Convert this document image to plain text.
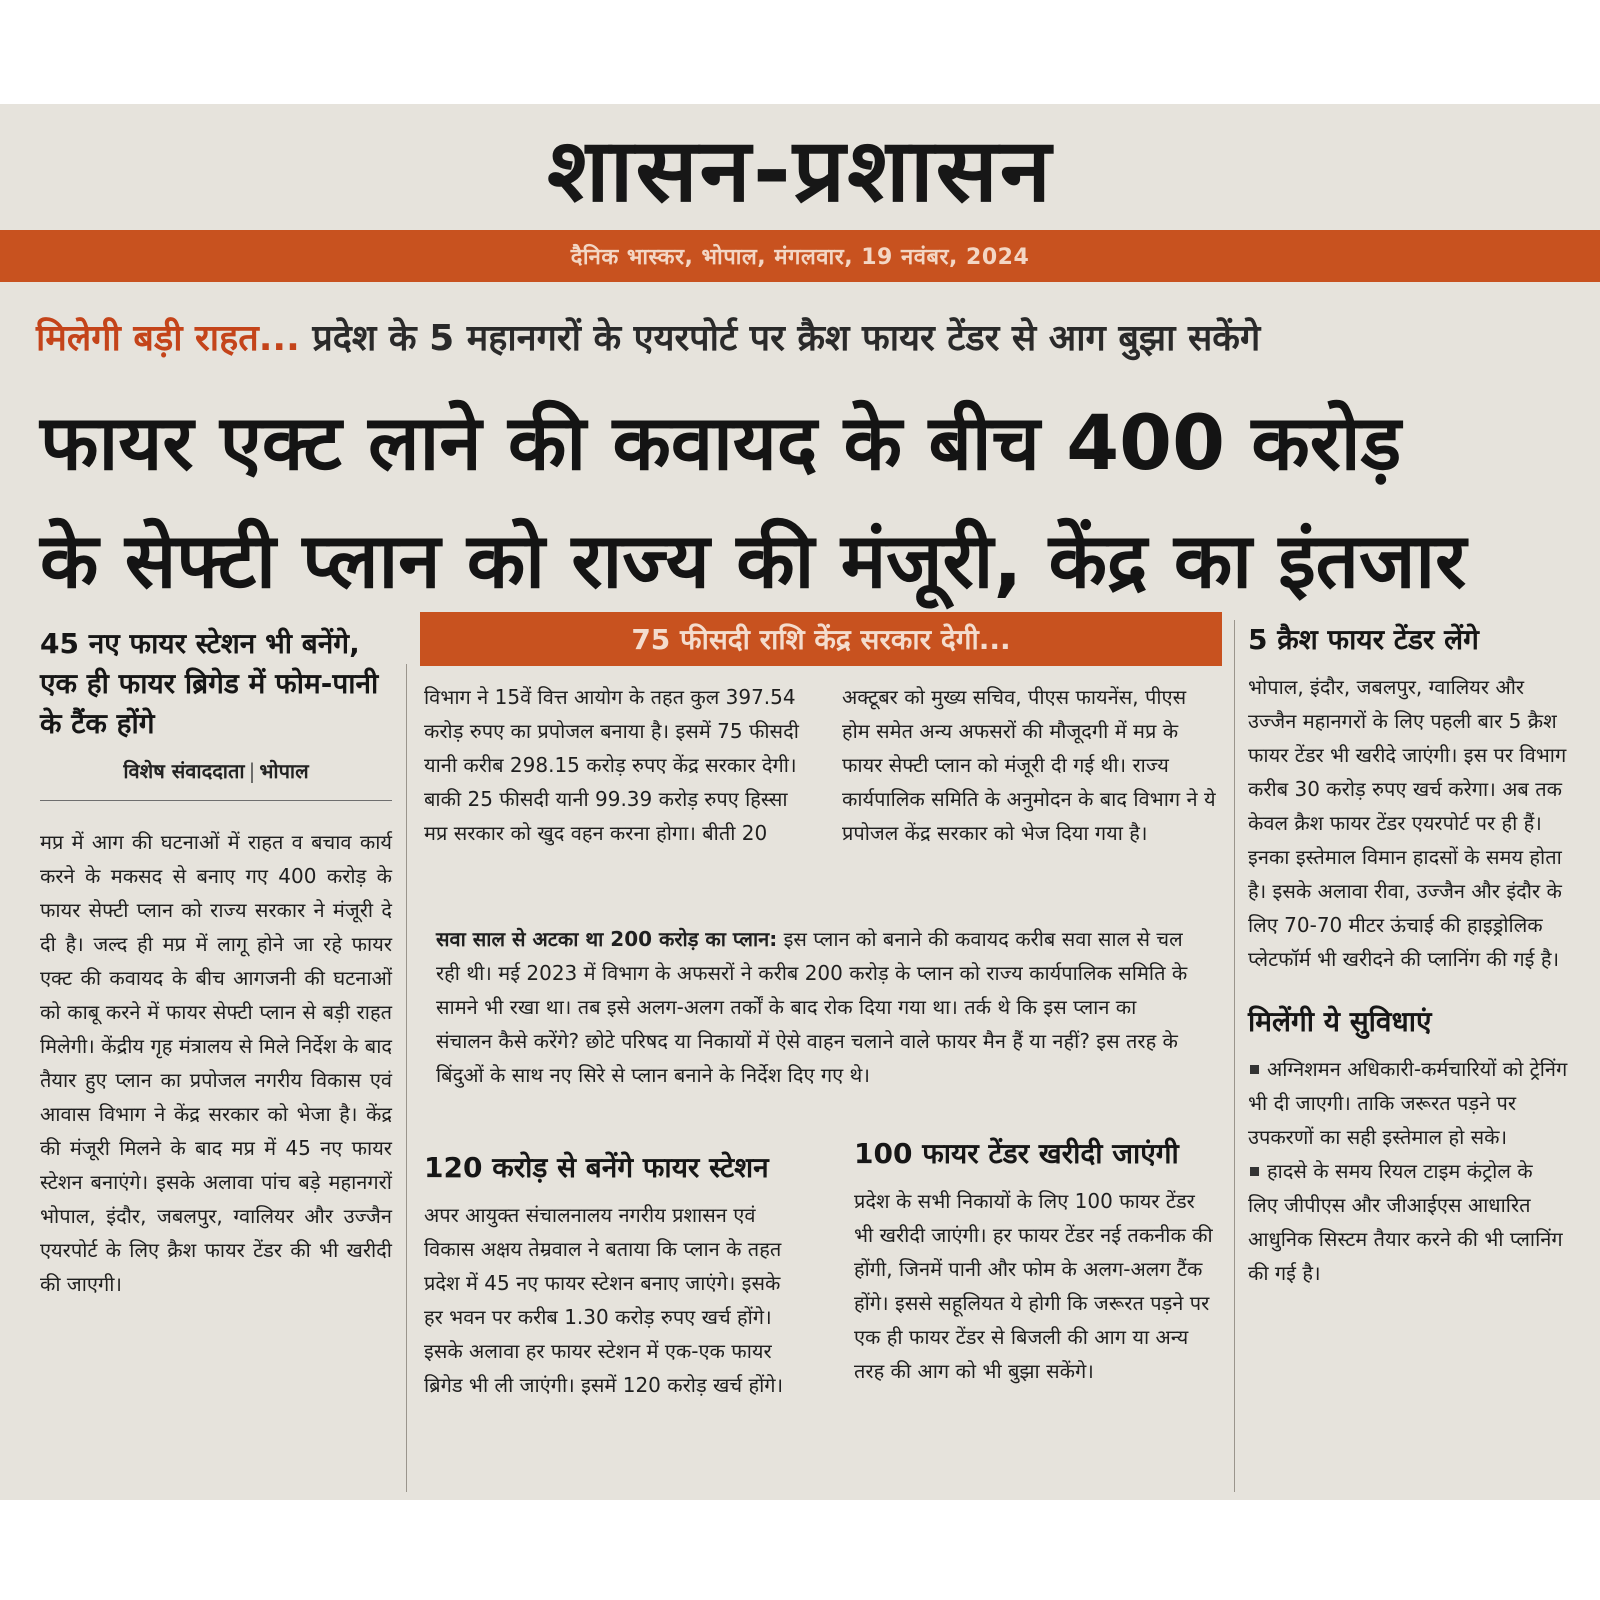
शासन-प्रशासन
दैनिक भास्कर, भोपाल, मंगलवार, 19 नवंबर, 2024
मिलेगी बड़ी राहत... प्रदेश के 5 महानगरों के एयरपोर्ट पर क्रैश फायर टेंडर से आग बुझा सकेंगे
फायर एक्ट लाने की कवायद के बीच 400 करोड़
के सेफ्टी प्लान को राज्य की मंजूरी, केंद्र का इंतजार
45 नए फायर स्टेशन भी बनेंगे, एक ही फायर ब्रिगेड में फोम-पानी के टैंक होंगे
विशेष संवाददाता | भोपाल

मप्र में आग की घटनाओं में राहत व बचाव कार्य करने के मकसद से बनाए गए 400 करोड़ के फायर सेफ्टी प्लान को राज्य सरकार ने मंजूरी दे दी है। जल्द ही मप्र में लागू होने जा रहे फायर एक्ट की कवायद के बीच आगजनी की घटनाओं को काबू करने में फायर सेफ्टी प्लान से बड़ी राहत मिलेगी। केंद्रीय गृह मंत्रालय से मिले निर्देश के बाद तैयार हुए प्लान का प्रपोजल नगरीय विकास एवं आवास विभाग ने केंद्र सरकार को भेजा है। केंद्र की मंजूरी मिलने के बाद मप्र में 45 नए फायर स्टेशन बनाएंगे। इसके अलावा पांच बड़े महानगरों भोपाल, इंदौर, जबलपुर, ग्वालियर और उज्जैन एयरपोर्ट के लिए क्रैश फायर टेंडर की भी खरीदी की जाएगी।

75 फीसदी राशि केंद्र सरकार देगी...

विभाग ने 15वें वित्त आयोग के तहत कुल 397.54 करोड़ रुपए का प्रपोजल बनाया है। इसमें 75 फीसदी यानी करीब 298.15 करोड़ रुपए केंद्र सरकार देगी। बाकी 25 फीसदी यानी 99.39 करोड़ रुपए हिस्सा मप्र सरकार को खुद वहन करना होगा। बीती 20

अक्टूबर को मुख्य सचिव, पीएस फायनेंस, पीएस होम समेत अन्य अफसरों की मौजूदगी में मप्र के फायर सेफ्टी प्लान को मंजूरी दी गई थी। राज्य कार्यपालिक समिति के अनुमोदन के बाद विभाग ने ये प्रपोजल केंद्र सरकार को भेज दिया गया है।

सवा साल से अटका था 200 करोड़ का प्लान: इस प्लान को बनाने की कवायद करीब सवा साल से चल रही थी। मई 2023 में विभाग के अफसरों ने करीब 200 करोड़ के प्लान को राज्य कार्यपालिक समिति के सामने भी रखा था। तब इसे अलग-अलग तर्कों के बाद रोक दिया गया था। तर्क थे कि इस प्लान का संचालन कैसे करेंगे? छोटे परिषद या निकायों में ऐसे वाहन चलाने वाले फायर मैन हैं या नहीं? इस तरह के बिंदुओं के साथ नए सिरे से प्लान बनाने के निर्देश दिए गए थे।

120 करोड़ से बनेंगे फायर स्टेशन

अपर आयुक्त संचालनालय नगरीय प्रशासन एवं विकास अक्षय तेम्रवाल ने बताया कि प्लान के तहत प्रदेश में 45 नए फायर स्टेशन बनाए जाएंगे। इसके हर भवन पर करीब 1.30 करोड़ रुपए खर्च होंगे। इसके अलावा हर फायर स्टेशन में एक-एक फायर ब्रिगेड भी ली जाएंगी। इसमें 120 करोड़ खर्च होंगे।

100 फायर टेंडर खरीदी जाएंगी

प्रदेश के सभी निकायों के लिए 100 फायर टेंडर भी खरीदी जाएंगी। हर फायर टेंडर नई तकनीक की होंगी, जिनमें पानी और फोम के अलग-अलग टैंक होंगे। इससे सहूलियत ये होगी कि जरूरत पड़ने पर एक ही फायर टेंडर से बिजली की आग या अन्य तरह की आग को भी बुझा सकेंगे।

5 क्रैश फायर टेंडर लेंगे

भोपाल, इंदौर, जबलपुर, ग्वालियर और उज्जैन महानगरों के लिए पहली बार 5 क्रैश फायर टेंडर भी खरीदे जाएंगी। इस पर विभाग करीब 30 करोड़ रुपए खर्च करेगा। अब तक केवल क्रैश फायर टेंडर एयरपोर्ट पर ही हैं। इनका इस्तेमाल विमान हादसों के समय होता है। इसके अलावा रीवा, उज्जैन और इंदौर के लिए 70-70 मीटर ऊंचाई की हाइड्रोलिक प्लेटफॉर्म भी खरीदने की प्लानिंग की गई है।

मिलेंगी ये सुविधाएं

अग्निशमन अधिकारी-कर्मचारियों को ट्रेनिंग भी दी जाएगी। ताकि जरूरत पड़ने पर उपकरणों का सही इस्तेमाल हो सके।

हादसे के समय रियल टाइम कंट्रोल के लिए जीपीएस और जीआईएस आधारित आधुनिक सिस्टम तैयार करने की भी प्लानिंग की गई है।
